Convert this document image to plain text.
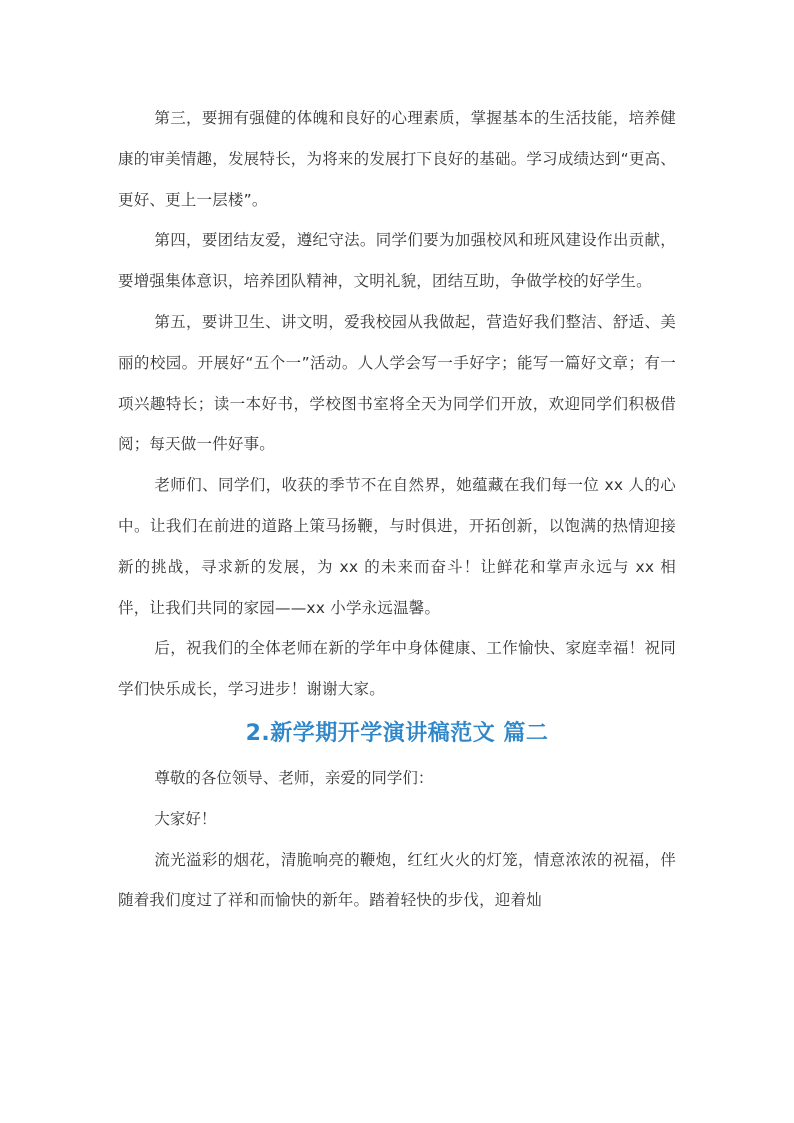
第三，要拥有强健的体魄和良好的心理素质，掌握基本的生活技能，培养健康的审美情趣，发展特长，为将来的发展打下良好的基础。学习成绩达到“更高、更好、更上一层楼”。

第四，要团结友爱，遵纪守法。同学们要为加强校风和班风建设作出贡献，要增强集体意识，培养团队精神，文明礼貌，团结互助，争做学校的好学生。

第五，要讲卫生、讲文明，爱我校园从我做起，营造好我们整洁、舒适、美丽的校园。开展好“五个一”活动。人人学会写一手好字；能写一篇好文章；有一项兴趣特长；读一本好书，学校图书室将全天为同学们开放，欢迎同学们积极借阅；每天做一件好事。

老师们、同学们，收获的季节不在自然界，她蕴藏在我们每一位 xx 人的心中。让我们在前进的道路上策马扬鞭，与时俱进，开拓创新，以饱满的热情迎接新的挑战，寻求新的发展，为 xx 的未来而奋斗！让鲜花和掌声永远与 xx 相伴，让我们共同的家园——xx 小学永远温馨。

后，祝我们的全体老师在新的学年中身体健康、工作愉快、家庭幸福！祝同学们快乐成长，学习进步！谢谢大家。

2.新学期开学演讲稿范文 篇二

尊敬的各位领导、老师，亲爱的同学们：

大家好！

流光溢彩的烟花，清脆响亮的鞭炮，红红火火的灯笼，情意浓浓的祝福，伴随着我们度过了祥和而愉快的新年。踏着轻快的步伐，迎着灿
